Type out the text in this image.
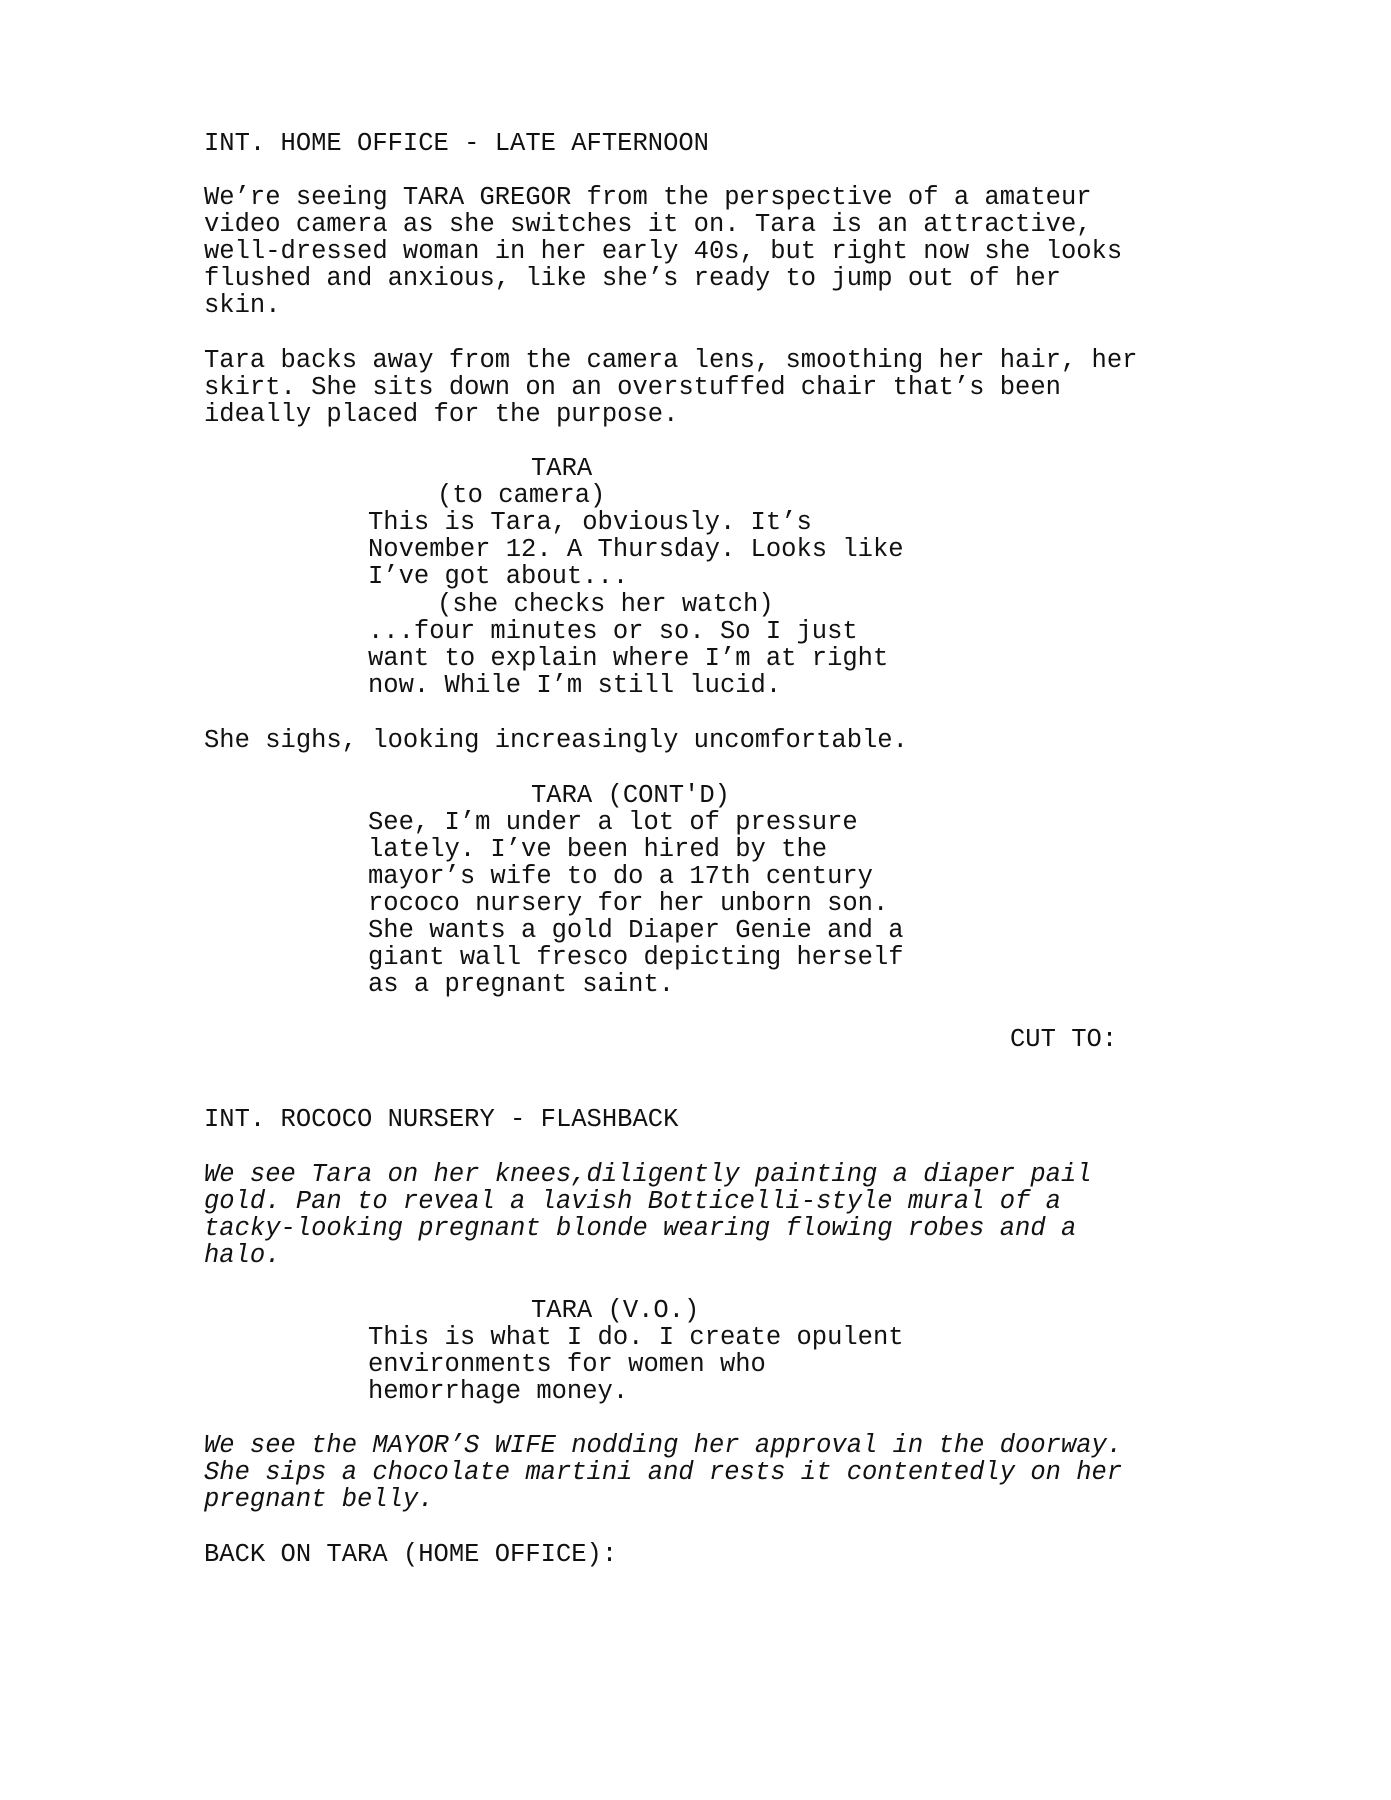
INT. HOME OFFICE - LATE AFTERNOON
We’re seeing TARA GREGOR from the perspective of a amateur
video camera as she switches it on. Tara is an attractive,
well-dressed woman in her early 40s, but right now she looks
flushed and anxious, like she’s ready to jump out of her
skin.
Tara backs away from the camera lens, smoothing her hair, her
skirt. She sits down on an overstuffed chair that’s been
ideally placed for the purpose.
TARA
(to camera)
This is Tara, obviously. It’s
November 12. A Thursday. Looks like
I’ve got about...
(she checks her watch)
...four minutes or so. So I just
want to explain where I’m at right
now. While I’m still lucid.
She sighs, looking increasingly uncomfortable.
TARA (CONT'D)
See, I’m under a lot of pressure
lately. I’ve been hired by the
mayor’s wife to do a 17th century
rococo nursery for her unborn son.
She wants a gold Diaper Genie and a
giant wall fresco depicting herself
as a pregnant saint.
CUT TO:
INT. ROCOCO NURSERY - FLASHBACK
We see Tara on her knees,diligently painting a diaper pail
gold. Pan to reveal a lavish Botticelli-style mural of a
tacky-looking pregnant blonde wearing flowing robes and a
halo.
TARA (V.O.)
This is what I do. I create opulent
environments for women who
hemorrhage money.
We see the MAYOR’S WIFE nodding her approval in the doorway.
She sips a chocolate martini and rests it contentedly on her
pregnant belly.
BACK ON TARA (HOME OFFICE):
